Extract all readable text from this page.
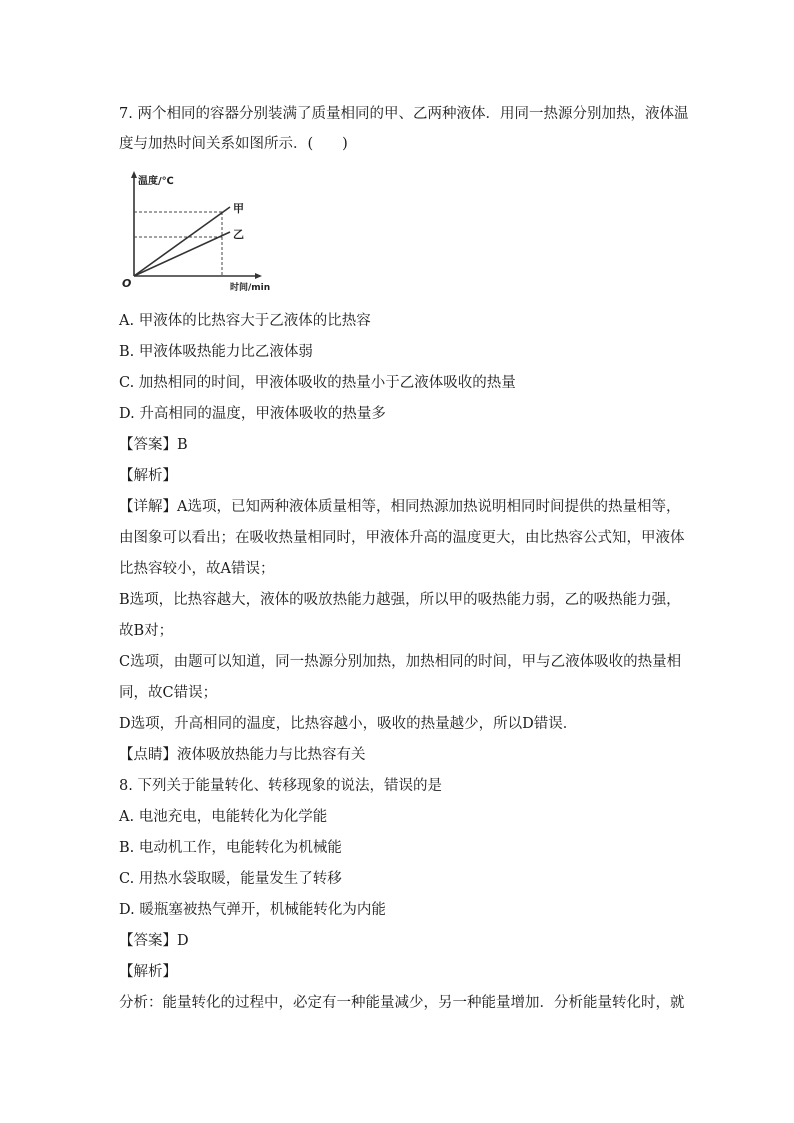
7. 两个相同的容器分别装满了质量相同的甲、乙两种液体．用同一热源分别加热，液体温
度与加热时间关系如图所示．(　　)
温度/℃
时间/min
O
甲
乙
A. 甲液体的比热容大于乙液体的比热容
B. 甲液体吸热能力比乙液体弱
C. 加热相同的时间，甲液体吸收的热量小于乙液体吸收的热量
D. 升高相同的温度，甲液体吸收的热量多
【答案】B
【解析】
【详解】A选项，已知两种液体质量相等，相同热源加热说明相同时间提供的热量相等，
由图象可以看出；在吸收热量相同时，甲液体升高的温度更大，由比热容公式知，甲液体
比热容较小，故A错误；
B选项，比热容越大，液体的吸放热能力越强，所以甲的吸热能力弱，乙的吸热能力强，
故B对；
C选项，由题可以知道，同一热源分别加热，加热相同的时间，甲与乙液体吸收的热量相
同，故C错误；
D选项，升高相同的温度，比热容越小，吸收的热量越少，所以D错误．
【点睛】液体吸放热能力与比热容有关
8. 下列关于能量转化、转移现象的说法，错误的是
A. 电池充电，电能转化为化学能
B. 电动机工作，电能转化为机械能
C. 用热水袋取暖，能量发生了转移
D. 暖瓶塞被热气弹开，机械能转化为内能
【答案】D
【解析】
分析：能量转化的过程中，必定有一种能量减少，另一种能量增加．分析能量转化时，就
